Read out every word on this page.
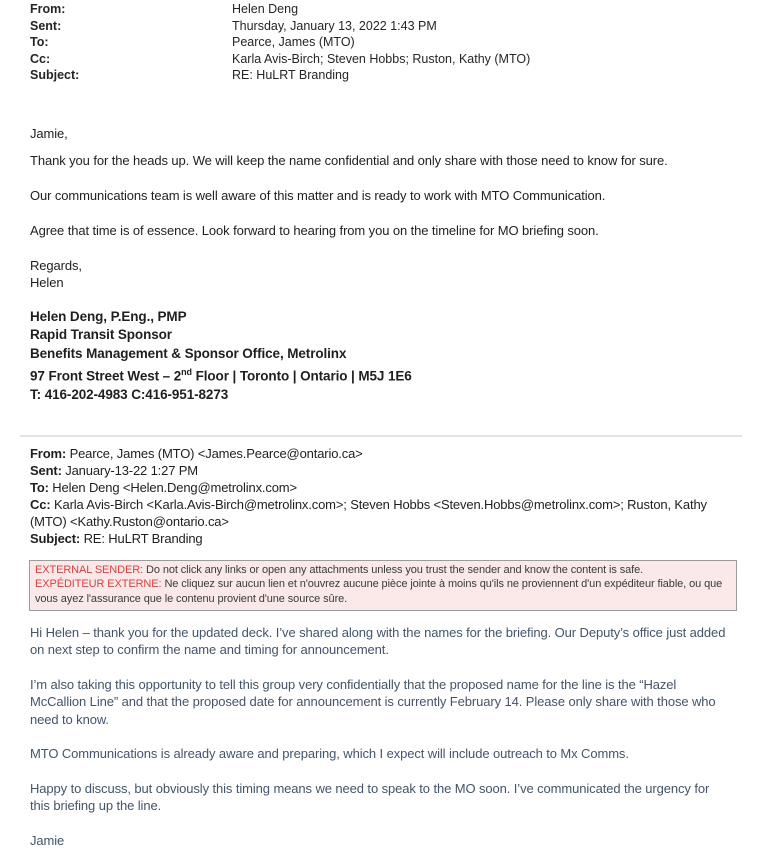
From:	Helen Deng
Sent:	Thursday, January 13, 2022 1:43 PM
To:	Pearce, James (MTO)
Cc:	Karla Avis-Birch; Steven Hobbs; Ruston, Kathy (MTO)
Subject:	RE: HuLRT Branding

Jamie,

Thank you for the heads up. We will keep the name confidential and only share with those need to know for sure.

Our communications team is well aware of this matter and is ready to work with MTO Communication.

Agree that time is of essence. Look forward to hearing from you on the timeline for MO briefing soon.

Regards,
Helen
Helen Deng, P.Eng., PMP
Rapid Transit Sponsor
Benefits Management & Sponsor Office, Metrolinx
97 Front Street West – 2nd Floor | Toronto | Ontario | M5J 1E6
T: 416-202-4983 C:416-951-8273
From: Pearce, James (MTO) <James.Pearce@ontario.ca>
Sent: January-13-22 1:27 PM
To: Helen Deng <Helen.Deng@metrolinx.com>
Cc: Karla Avis-Birch <Karla.Avis-Birch@metrolinx.com>; Steven Hobbs <Steven.Hobbs@metrolinx.com>; Ruston, Kathy (MTO) <Kathy.Ruston@ontario.ca>
Subject: RE: HuLRT Branding
EXTERNAL SENDER: Do not click any links or open any attachments unless you trust the sender and know the content is safe.
EXPÉDITEUR EXTERNE: Ne cliquez sur aucun lien et n'ouvrez aucune pièce jointe à moins qu'ils ne proviennent d'un expéditeur fiable, ou que vous ayez l'assurance que le contenu provient d'une source sûre.

Hi Helen – thank you for the updated deck. I’ve shared along with the names for the briefing. Our Deputy’s office just added on next step to confirm the name and timing for announcement.

I’m also taking this opportunity to tell this group very confidentially that the proposed name for the line is the “Hazel McCallion Line” and that the proposed date for announcement is currently February 14. Please only share with those who need to know.

MTO Communications is already aware and preparing, which I expect will include outreach to Mx Comms.

Happy to discuss, but obviously this timing means we need to speak to the MO soon. I’ve communicated the urgency for this briefing up the line.

Jamie
